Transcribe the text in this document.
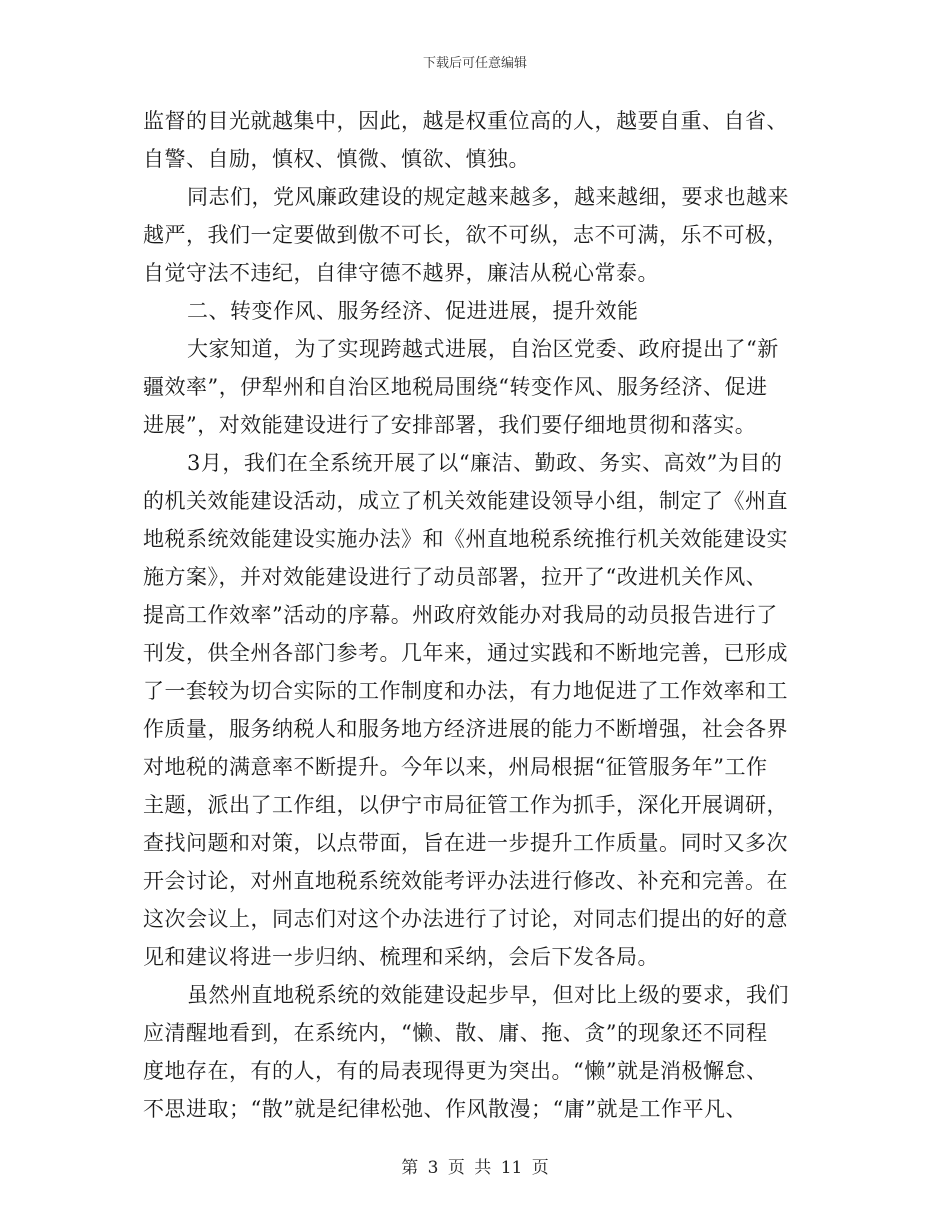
下载后可任意编辑
监督的目光就越集中，因此，越是权重位高的人，越要自重、自省、
自警、自励，慎权、慎微、慎欲、慎独。
同志们，党风廉政建设的规定越来越多，越来越细，要求也越来
越严，我们一定要做到傲不可长，欲不可纵，志不可满，乐不可极，
自觉守法不违纪，自律守德不越界，廉洁从税心常泰。
二、转变作风、服务经济、促进进展，提升效能
大家知道，为了实现跨越式进展，自治区党委、政府提出了“新
疆效率”，伊犁州和自治区地税局围绕“转变作风、服务经济、促进
进展”，对效能建设进行了安排部署，我们要仔细地贯彻和落实。
3月，我们在全系统开展了以“廉洁、勤政、务实、高效”为目的
的机关效能建设活动，成立了机关效能建设领导小组，制定了《州直
地税系统效能建设实施办法》和《州直地税系统推行机关效能建设实
施方案》，并对效能建设进行了动员部署，拉开了“改进机关作风、
提高工作效率”活动的序幕。州政府效能办对我局的动员报告进行了
刊发，供全州各部门参考。几年来，通过实践和不断地完善，已形成
了一套较为切合实际的工作制度和办法，有力地促进了工作效率和工
作质量，服务纳税人和服务地方经济进展的能力不断增强，社会各界
对地税的满意率不断提升。今年以来，州局根据“征管服务年”工作
主题，派出了工作组，以伊宁市局征管工作为抓手，深化开展调研，
查找问题和对策，以点带面，旨在进一步提升工作质量。同时又多次
开会讨论，对州直地税系统效能考评办法进行修改、补充和完善。在
这次会议上，同志们对这个办法进行了讨论，对同志们提出的好的意
见和建议将进一步归纳、梳理和采纳，会后下发各局。
虽然州直地税系统的效能建设起步早，但对比上级的要求，我们
应清醒地看到，在系统内，“懒、散、庸、拖、贪”的现象还不同程
度地存在，有的人，有的局表现得更为突出。“懒”就是消极懈怠、
不思进取；“散”就是纪律松弛、作风散漫；“庸”就是工作平凡、
第 3 页 共 11 页
